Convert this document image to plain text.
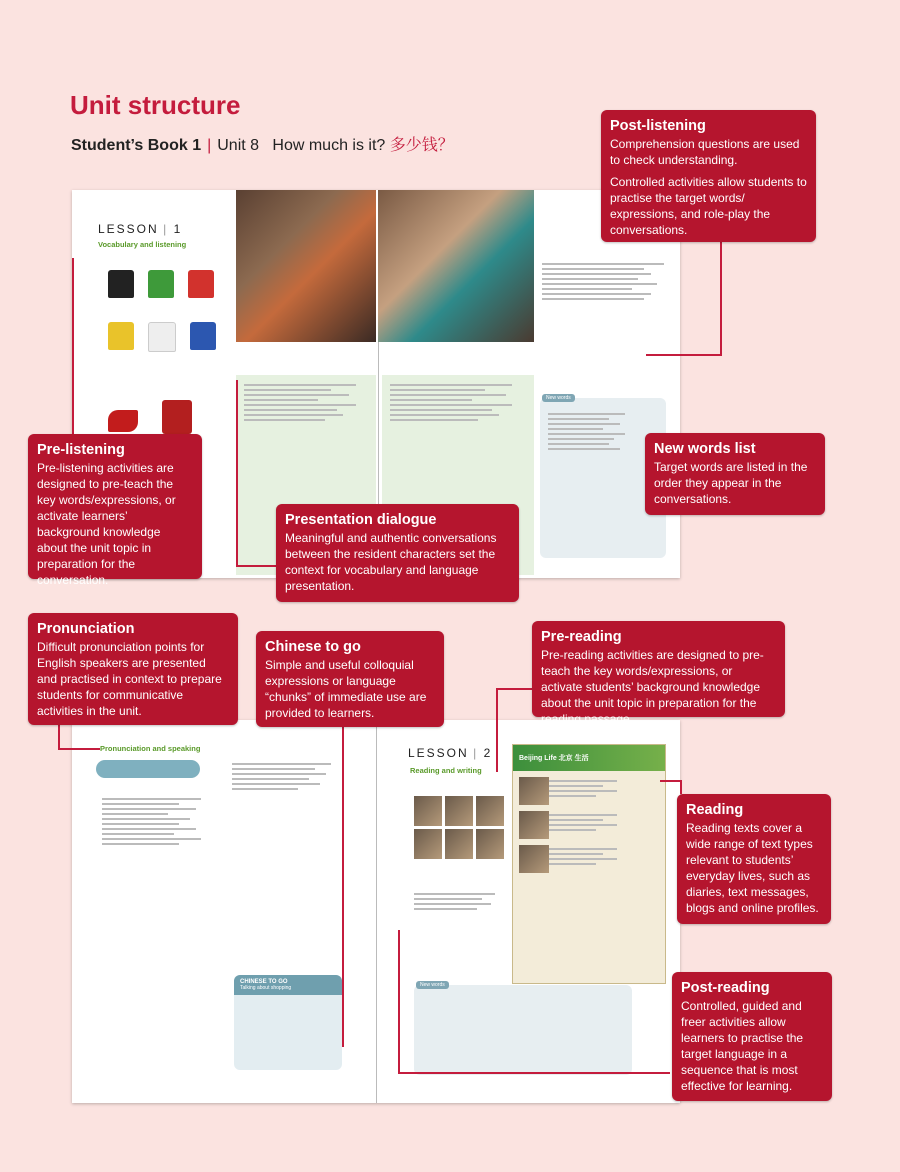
Unit structure
Student’s Book 1 | Unit 8 How much is it? 多少钱？
LESSON | 1
Vocabulary and listening
New words
Pronunciation and speaking
CHINESE TO GO
Talking about shopping
LESSON | 2
Reading and writing
New words
Beijing Life 北京 生活
Post-listening

Comprehension questions are used to check understanding.

Controlled activities allow students to practise the target words/ expressions, and role-play the conversations.

Pre-listening

Pre-listening activities are designed to pre-teach the key words/expressions, or activate learners’ background knowledge about the unit topic in preparation for the conversation.

New words list

Target words are listed in the order they appear in the conversations.

Presentation dialogue

Meaningful and authentic conversations between the resident characters set the context for vocabulary and language presentation.

Pronunciation

Difficult pronunciation points for English speakers are presented and practised in context to prepare students for communicative activities in the unit.

Chinese to go

Simple and useful colloquial expressions or language “chunks” of immediate use are provided to learners.

Pre-reading

Pre-reading activities are designed to pre-teach the key words/expressions, or activate students’ background knowledge about the unit topic in preparation for the reading passage.

Reading

Reading texts cover a wide range of text types relevant to students’ everyday lives, such as diaries, text messages, blogs and online profiles.

Post-reading

Controlled, guided and freer activities allow learners to practise the target language in a sequence that is most effective for learning.
